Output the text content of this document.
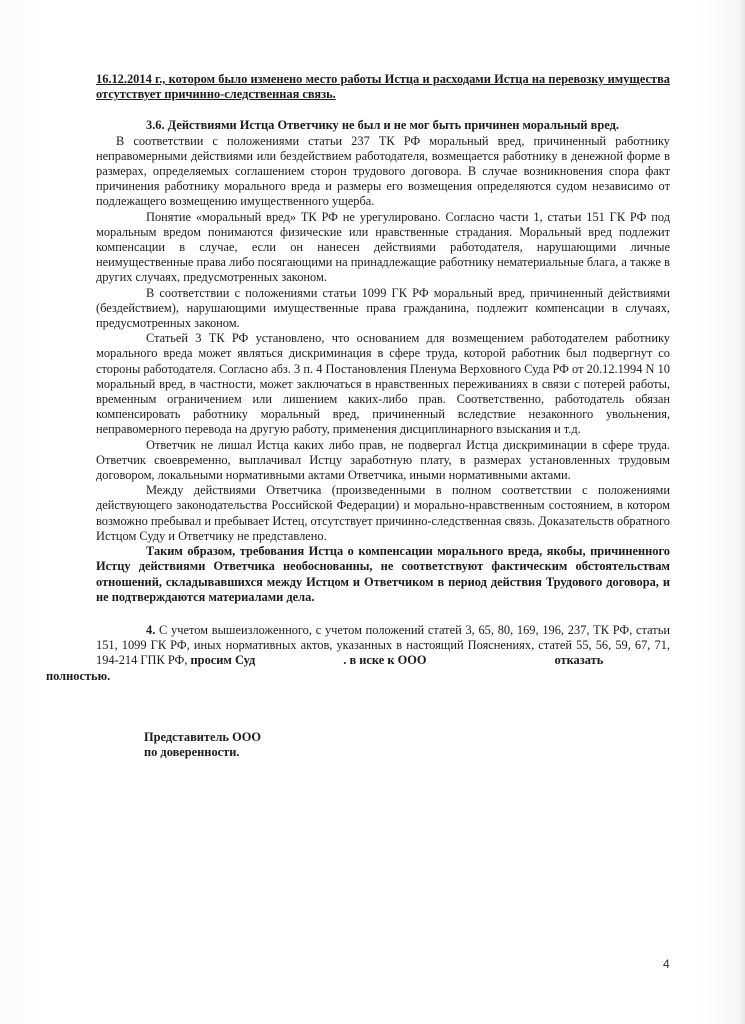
16.12.2014 г., котором было изменено место работы Истца и расходами Истца на перевозку имущества отсутствует причинно-следственная связь.

3.6. Действиями Истца Ответчику не был и не мог быть причинен моральный вред.

В соответствии с положениями статьи 237 ТК РФ моральный вред, причиненный работнику неправомерными действиями или бездействием работодателя, возмещается работнику в денежной форме в размерах, определяемых соглашением сторон трудового договора. В случае возникновения спора факт причинения работнику морального вреда и размеры его возмещения определяются судом независимо от подлежащего возмещению имущественного ущерба.

Понятие «моральный вред» ТК РФ не урегулировано. Согласно части 1, статьи 151 ГК РФ под моральным вредом понимаются физические или нравственные страдания. Моральный вред подлежит компенсации в случае, если он нанесен действиями работодателя, нарушающими личные неимущественные права либо посягающими на принадлежащие работнику нематериальные блага, а также в других случаях, предусмотренных законом.

В соответствии с положениями статьи 1099 ГК РФ моральный вред, причиненный действиями (бездействием), нарушающими имущественные права гражданина, подлежит компенсации в случаях, предусмотренных законом.

Статьей 3 ТК РФ установлено, что основанием для возмещением работодателем работнику морального вреда может являться дискриминация в сфере труда, которой работник был подвергнут со стороны работодателя. Согласно абз. 3 п. 4 Постановления Пленума Верховного Суда РФ от 20.12.1994 N 10 моральный вред, в частности, может заключаться в нравственных переживаниях в связи с потерей работы, временным ограничением или лишением каких-либо прав. Соответственно, работодатель обязан компенсировать работнику моральный вред, причиненный вследствие незаконного увольнения, неправомерного перевода на другую работу, применения дисциплинарного взыскания и т.д.

Ответчик не лишал Истца каких либо прав, не подвергал Истца дискриминации в сфере труда. Ответчик своевременно, выплачивал Истцу заработную плату, в размерах установленных трудовым договором, локальными нормативными актами Ответчика, иными нормативными актами.

Между действиями Ответчика (произведенными в полном соответствии с положениями действующего законодательства Российской Федерации) и морально-нравственным состоянием, в котором возможно пребывал и пребывает Истец, отсутствует причинно-следственная связь. Доказательств обратного Истцом Суду и Ответчику не представлено.

Таким образом, требования Истца о компенсации морального вреда, якобы, причиненного Истцу действиями Ответчика необоснованны, не соответствуют фактическим обстоятельствам отношений, складывавшихся между Истцом и Ответчиком в период действия Трудового договора, и не подтверждаются материалами дела.

4. С учетом вышеизложенного, с учетом положений статей 3, 65, 80, 169, 196, 237, ТК РФ, статьи 151, 1099 ГК РФ, иных нормативных актов, указанных в настоящий Пояснениях, статей 55, 56, 59, 67, 71, 194-214 ГПК РФ, просим Суд	. в иске к ООО	отказать
полностью.

Представитель ООО
по доверенности.
4
